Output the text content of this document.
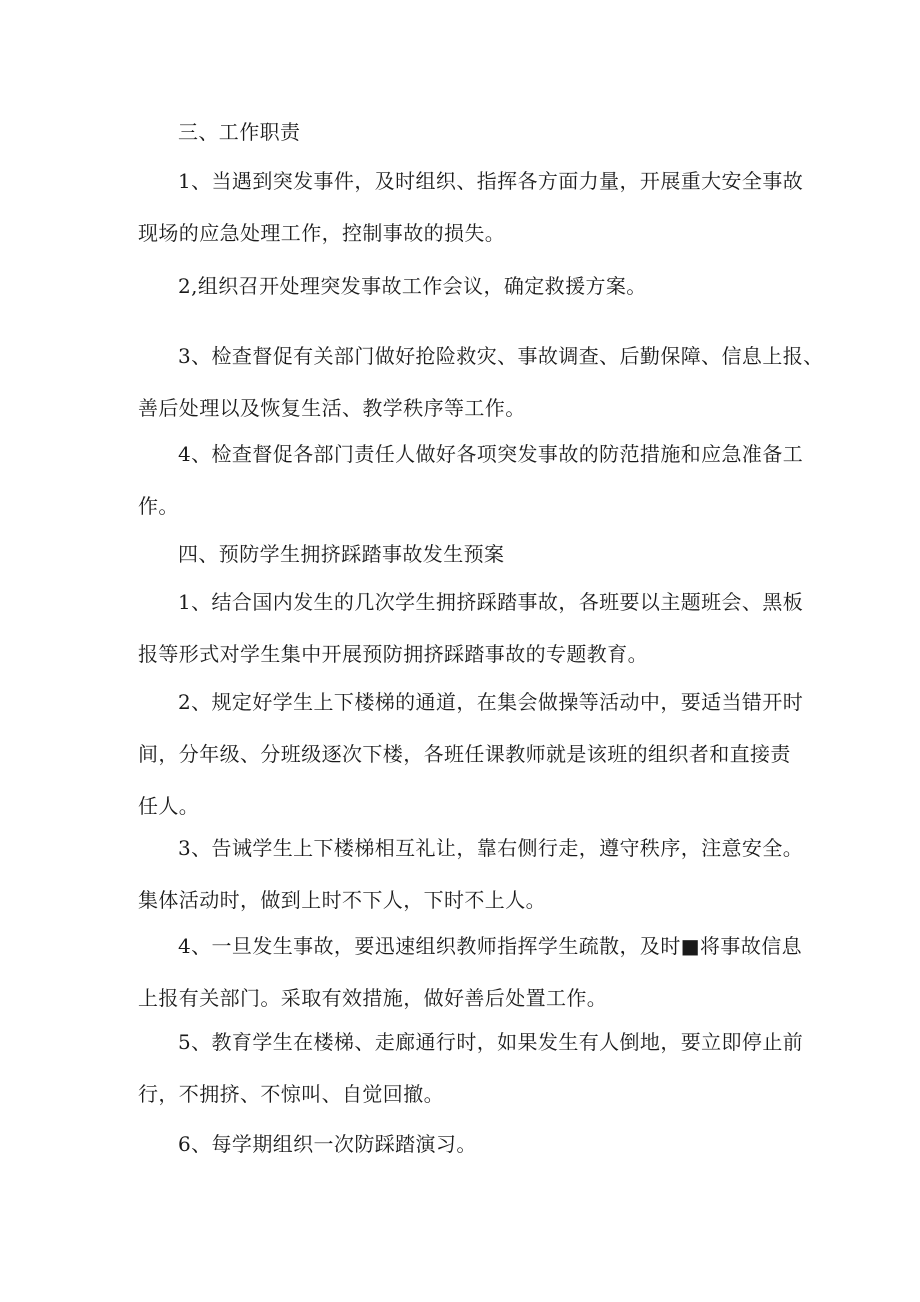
三、工作职责

1、当遇到突发事件，及时组织、指挥各方面力量，开展重大安全事故
现场的应急处理工作，控制事故的损失。

2,组织召开处理突发事故工作会议，确定救援方案。

3、检查督促有关部门做好抢险救灾、事故调查、后勤保障、信息上报、
善后处理以及恢复生活、教学秩序等工作。

4、检查督促各部门责任人做好各项突发事故的防范措施和应急准备工
作。

四、预防学生拥挤踩踏事故发生预案

1、结合国内发生的几次学生拥挤踩踏事故，各班要以主题班会、黑板
报等形式对学生集中开展预防拥挤踩踏事故的专题教育。

2、规定好学生上下楼梯的通道，在集会做操等活动中，要适当错开时
间，分年级、分班级逐次下楼，各班任课教师就是该班的组织者和直接责
任人。

3、告诫学生上下楼梯相互礼让，靠右侧行走，遵守秩序，注意安全。
集体活动时，做到上时不下人，下时不上人。

4、一旦发生事故，要迅速组织教师指挥学生疏散，及时■将事故信息
上报有关部门。采取有效措施，做好善后处置工作。

5、教育学生在楼梯、走廊通行时，如果发生有人倒地，要立即停止前
行，不拥挤、不惊叫、自觉回撤。

6、每学期组织一次防踩踏演习。
